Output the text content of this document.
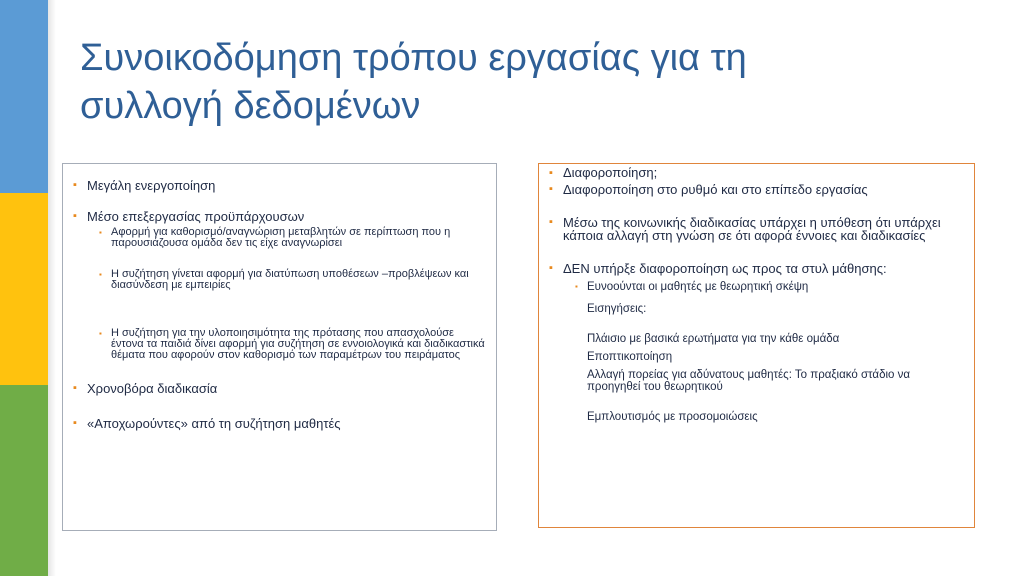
Συνοικοδόμηση τρόπου εργασίας για τη
συλλογή δεδομένων
▪ Μεγάλη ενεργοποίηση
▪ Μέσο επεξεργασίας προϋπάρχουσων
▪ Αφορμή για καθορισμό/αναγνώριση μεταβλητών σε περίπτωση που η παρουσιάζουσα ομάδα δεν τις είχε αναγνωρίσει
▪ Η συζήτηση γίνεται αφορμή για διατύπωση υποθέσεων –προβλέψεων και διασύνδεση με εμπειρίες
▪ Η συζήτηση για την υλοποιησιμότητα της πρότασης που απασχολούσε έντονα τα παιδιά δίνει αφορμή για συζήτηση σε εννοιολογικά και διαδικαστικά θέματα που αφορούν στον καθορισμό των παραμέτρων του πειράματος
▪ Χρονοβόρα διαδικασία
▪ «Αποχωρούντες» από τη συζήτηση μαθητές
▪ Διαφοροποίηση;
▪ Διαφοροποίηση στο ρυθμό και στο επίπεδο εργασίας
▪ Μέσω της κοινωνικής διαδικασίας υπάρχει η υπόθεση ότι υπάρχει κάποια αλλαγή στη γνώση σε ότι αφορά έννοιες και διαδικασίες
▪ ΔΕΝ υπήρξε διαφοροποίηση ως προς τα στυλ μάθησης:
▪ Ευνοούνται οι μαθητές με θεωρητική σκέψη
Εισηγήσεις:
Πλάισιο με βασικά ερωτήματα για την κάθε ομάδα
Εποπτικοποίηση
Αλλαγή πορείας για αδύνατους μαθητές: Το πραξιακό στάδιο να προηγηθεί του θεωρητικού
Εμπλουτισμός με προσομοιώσεις
